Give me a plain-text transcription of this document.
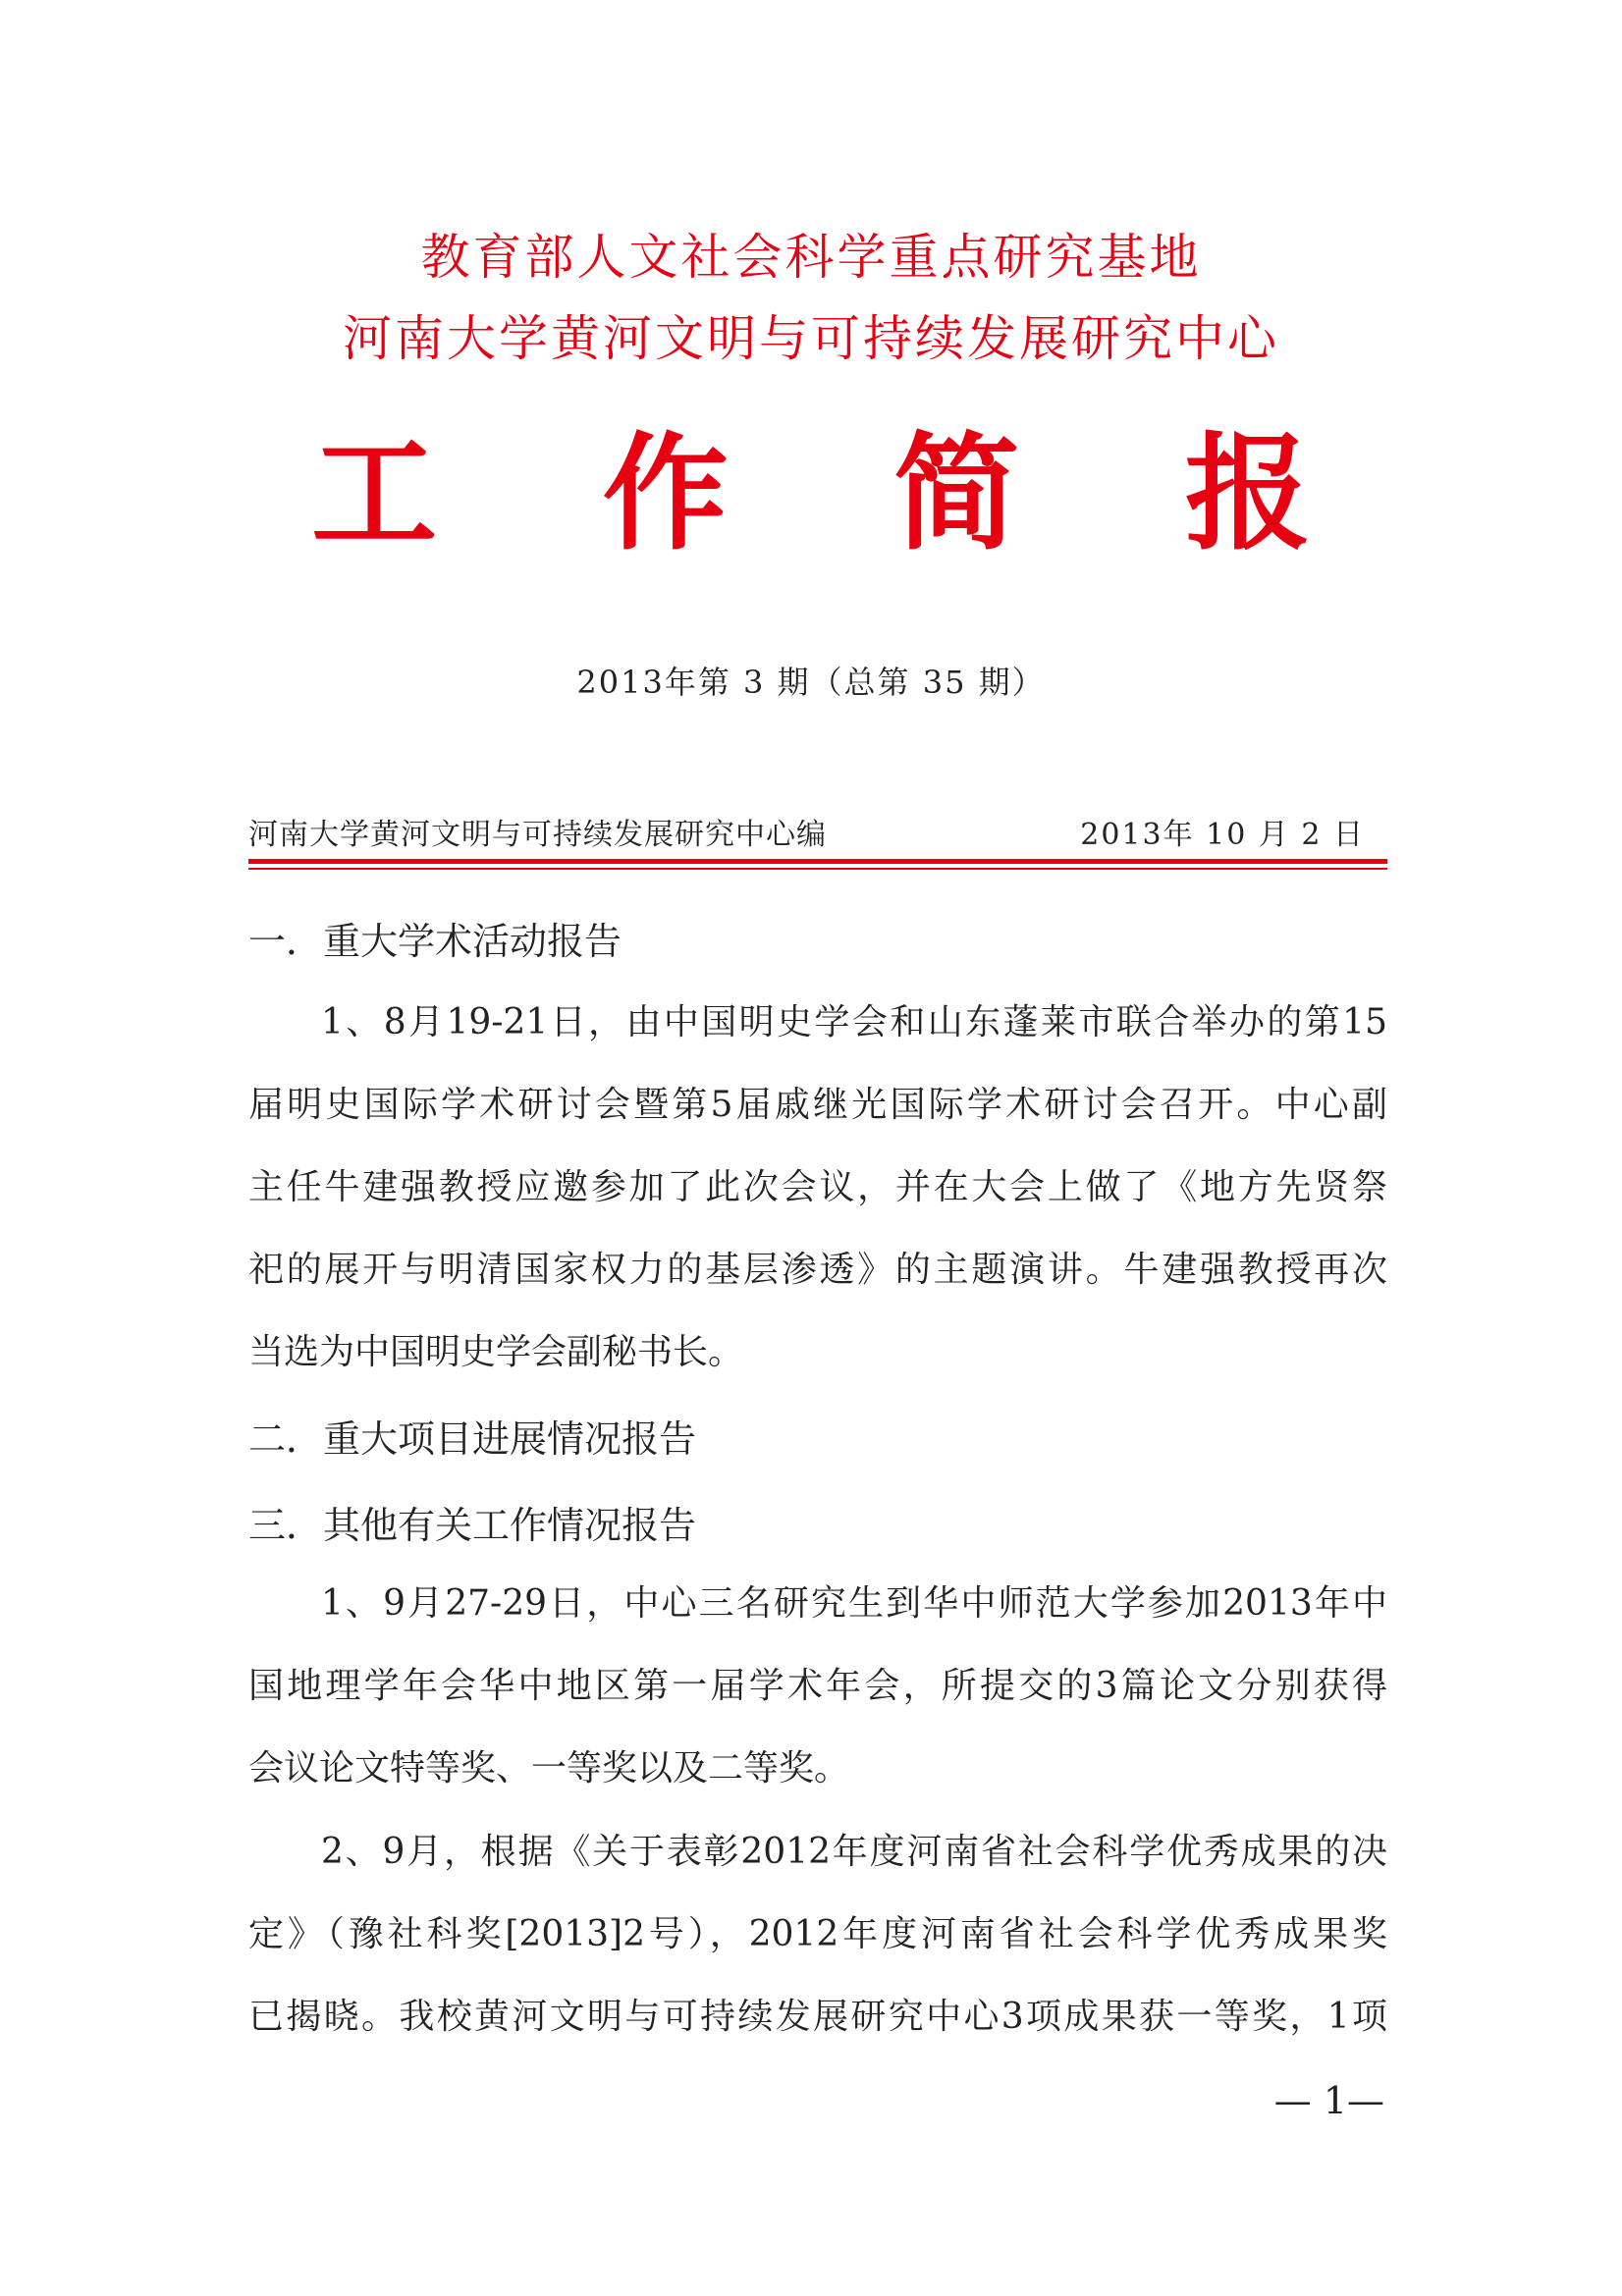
教育部人文社会科学重点研究基地
河南大学黄河文明与可持续发展研究中心
工 作 简 报
2013年第 3 期（总第 35 期）
河南大学黄河文明与可持续发展研究中心编	2013年 10 月 2 日
一．重大学术活动报告
1、8月19-21日，由中国明史学会和山东蓬莱市联合举办的第15
届明史国际学术研讨会暨第5届戚继光国际学术研讨会召开。中心副
主任牛建强教授应邀参加了此次会议，并在大会上做了《地方先贤祭
祀的展开与明清国家权力的基层渗透》的主题演讲。牛建强教授再次
当选为中国明史学会副秘书长。
二．重大项目进展情况报告
三．其他有关工作情况报告
1、9月27-29日，中心三名研究生到华中师范大学参加2013年中
国地理学年会华中地区第一届学术年会，所提交的3篇论文分别获得
会议论文特等奖、一等奖以及二等奖。
2、9月，根据《关于表彰2012年度河南省社会科学优秀成果的决
定》（豫社科奖[2013]2号），2012年度河南省社会科学优秀成果奖
已揭晓。我校黄河文明与可持续发展研究中心3项成果获一等奖，1项
— 1—
